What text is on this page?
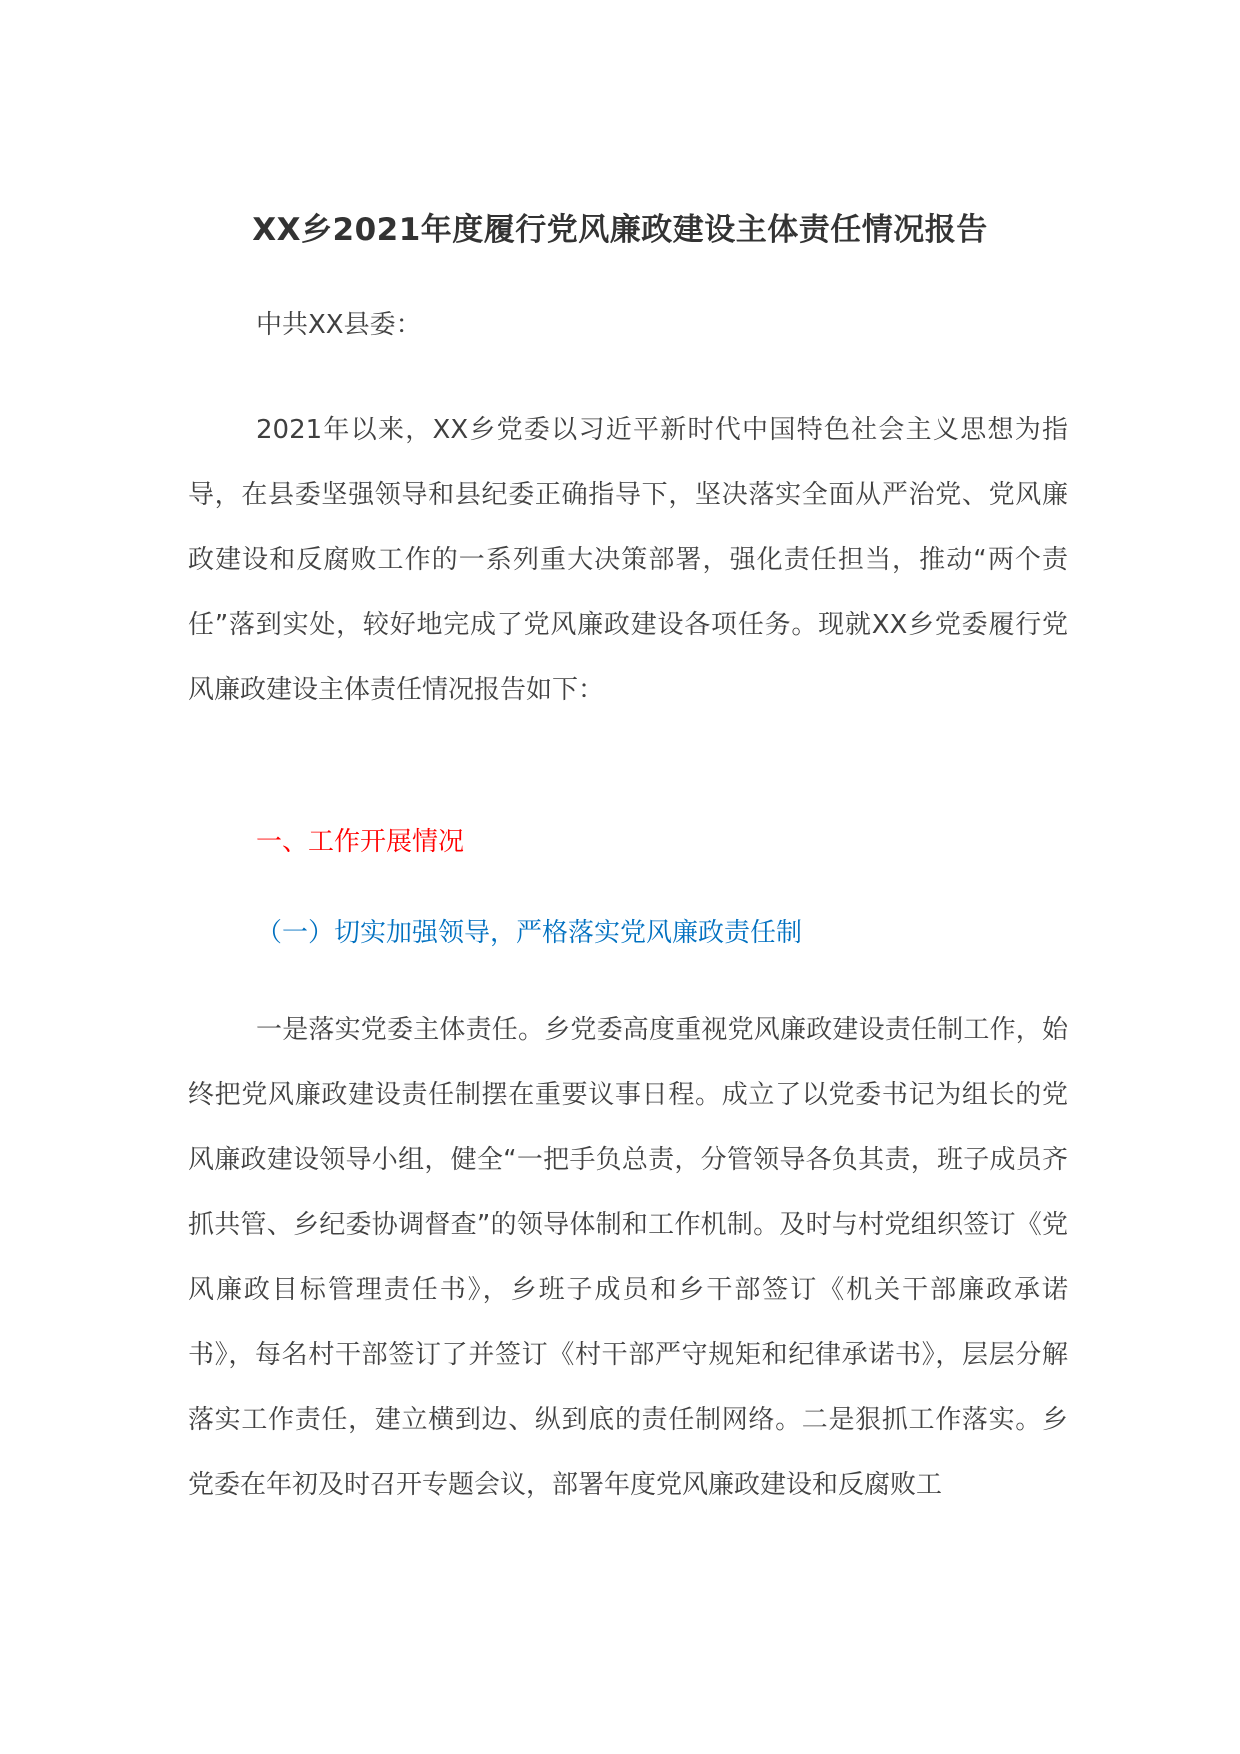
XX乡2021年度履行党风廉政建设主体责任情况报告
中共XX县委：
2021年以来，XX乡党委以习近平新时代中国特色社会主义思想为指导，在县委坚强领导和县纪委正确指导下，坚决落实全面从严治党、党风廉政建设和反腐败工作的一系列重大决策部署，强化责任担当，推动“两个责任”落到实处，较好地完成了党风廉政建设各项任务。现就XX乡党委履行党风廉政建设主体责任情况报告如下：
一、工作开展情况
（一）切实加强领导，严格落实党风廉政责任制
一是落实党委主体责任。乡党委高度重视党风廉政建设责任制工作，始终把党风廉政建设责任制摆在重要议事日程。成立了以党委书记为组长的党风廉政建设领导小组，健全“一把手负总责，分管领导各负其责，班子成员齐抓共管、乡纪委协调督查”的领导体制和工作机制。及时与村党组织签订《党风廉政目标管理责任书》，乡班子成员和乡干部签订《机关干部廉政承诺书》，每名村干部签订了并签订《村干部严守规矩和纪律承诺书》，层层分解落实工作责任，建立横到边、纵到底的责任制网络。二是狠抓工作落实。乡党委在年初及时召开专题会议，部署年度党风廉政建设和反腐败工
